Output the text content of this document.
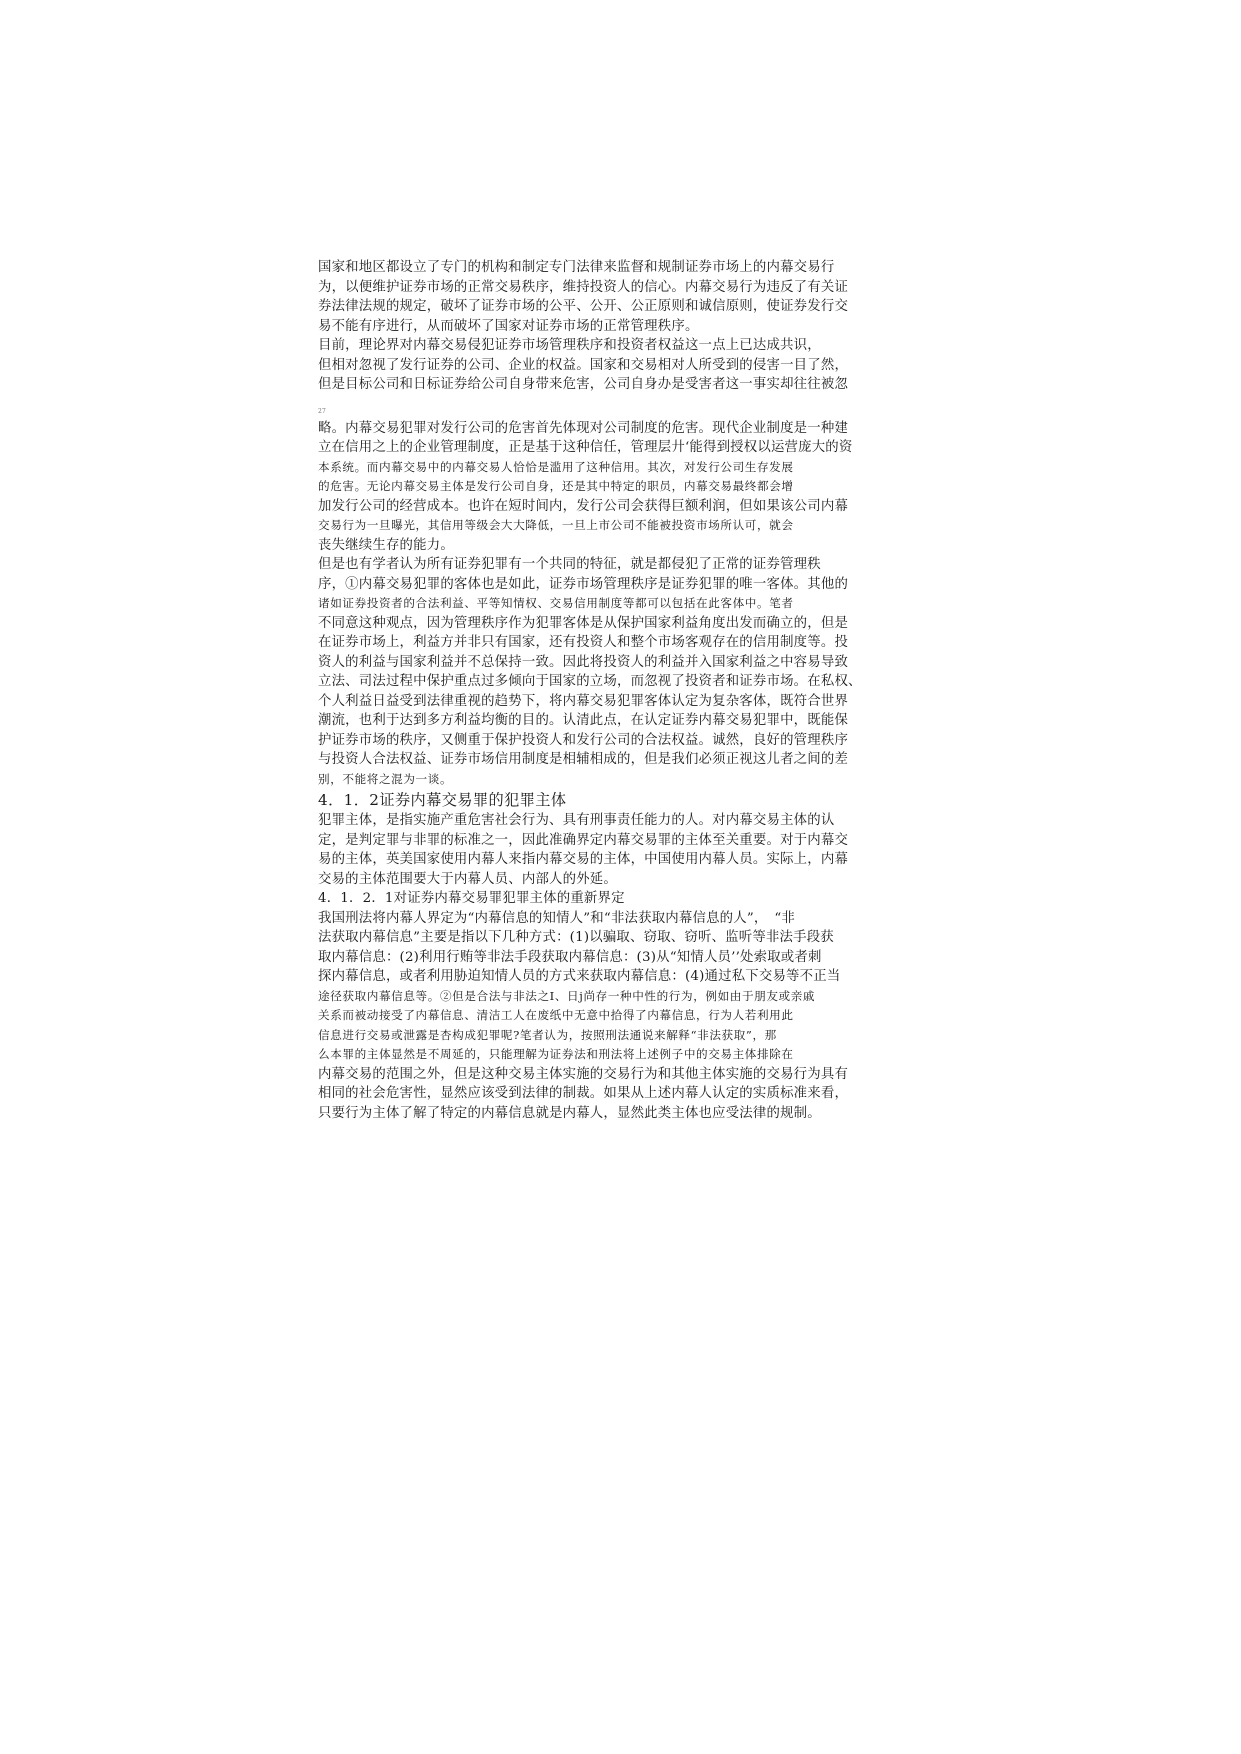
国家和地区都设立了专门的机构和制定专门法律来监督和规制证券市场上的内幕交易行
为，以便维护证券市场的正常交易秩序，维持投资人的信心。内幕交易行为违反了有关证
券法律法规的规定，破坏了证券市场的公平、公开、公正原则和诚信原则，使证券发行交
易不能有序进行，从而破坏了国家对证券市场的正常管理秩序。
目前，理论界对内幕交易侵犯证券市场管理秩序和投资者权益这一点上已达成共识，
但相对忽视了发行证券的公司、企业的权益。国家和交易相对人所受到的侵害一目了然，
但是目标公司和日标证券给公司自身带来危害，公司自身办是受害者这一事实却往往被忽
27
略。内幕交易犯罪对发行公司的危害首先体现对公司制度的危害。现代企业制度是一种建
立在信用之上的企业管理制度，正是基于这种信任，管理层廾‘能得到授权以运营庞大的资
本系统。而内幕交易中的内幕交易人恰恰是滥用了这种信用。其次，对发行公司生存发展
的危害。无论内幕交易主体是发行公司自身，还是其中特定的职员，内幕交易最终都会增
加发行公司的经营成本。也许在短时间内，发行公司会获得巨额利润，但如果该公司内幕
交易行为一旦曝光，其信用等级会大大降低，一旦上市公司不能被投资市场所认可，就会
丧失继续生存的能力。
但是也有学者认为所有证券犯罪有一个共同的特征，就是都侵犯了正常的证券管理秩
序，①内幕交易犯罪的客体也是如此，证券市场管理秩序是证券犯罪的唯一客体。其他的
诸如证券投资者的合法利益、平等知情权、交易信用制度等都可以包括在此客体中。笔者
不同意这种观点，因为管理秩序作为犯罪客体是从保护国家利益角度出发而确立的，但是
在证券市场上，利益方并非只有国家，还有投资人和整个市场客观存在的信用制度等。投
资人的利益与国家利益并不总保持一致。因此将投资人的利益并入国家利益之中容易导致
立法、司法过程中保护重点过多倾向于国家的立场，而忽视了投资者和证券市场。在私权、
个人利益日益受到法律重视的趋势下，将内幕交易犯罪客体认定为复杂客体，既符合世界
潮流，也利于达到多方利益均衡的目的。认清此点，在认定证券内幕交易犯罪中，既能保
护证券市场的秩序，又侧重于保护投资人和发行公司的合法权益。诚然，良好的管理秩序
与投资人合法权益、证券市场信用制度是相辅相成的，但是我们必须正视这儿者之间的差
别，不能将之混为一谈。
4．1．2证券内幕交易罪的犯罪主体
犯罪主体，是指实施产重危害社会行为、具有刑事责任能力的人。对内幕交易主体的认
定，是判定罪与非罪的标准之一，因此准确界定内幕交易罪的主体至关重要。对于内幕交
易的主体，英美国家使用内幕人来指内幕交易的主体，中国使用内幕人员。实际上，内幕
交易的主体范围要大于内幕人员、内部人的外延。
4．1．2．1对证券内幕交易罪犯罪主体的重新界定
我国刑法将内幕人界定为“内幕信息的知情人”和“非法获取内幕信息的人”，　“非
法获取内幕信息”主要是指以下几种方式：(1)以骗取、窃取、窃听、监听等非法手段获
取内幕信息：(2)利用行贿等非法手段获取内幕信息：(3)从“知情人员’’处索取或者刺
探内幕信息，或者利用胁迫知情人员的方式来获取内幕信息：(4)通过私下交易等不正当
途径获取内幕信息等。②但是合法与非法之I、日j尚存一种中性的行为，例如由于朋友或亲戚
关系而被动接受了内幕信息、清洁工人在废纸中无意中拾得了内幕信息，行为人若利用此
信息进行交易或泄露是杏构成犯罪呢?笔者认为，按照刑法通说来解释“非法获取”，那
么本罪的主体显然是不周延的，只能理解为证券法和刑法将上述例子中的交易主体排除在
内幕交易的范围之外，但是这种交易主体实施的交易行为和其他主体实施的交易行为具有
相同的社会危害性，显然应该受到法律的制裁。如果从上述内幕人认定的实质标准来看，
只要行为主体了解了特定的内幕信息就是内幕人，显然此类主体也应受法律的规制。
